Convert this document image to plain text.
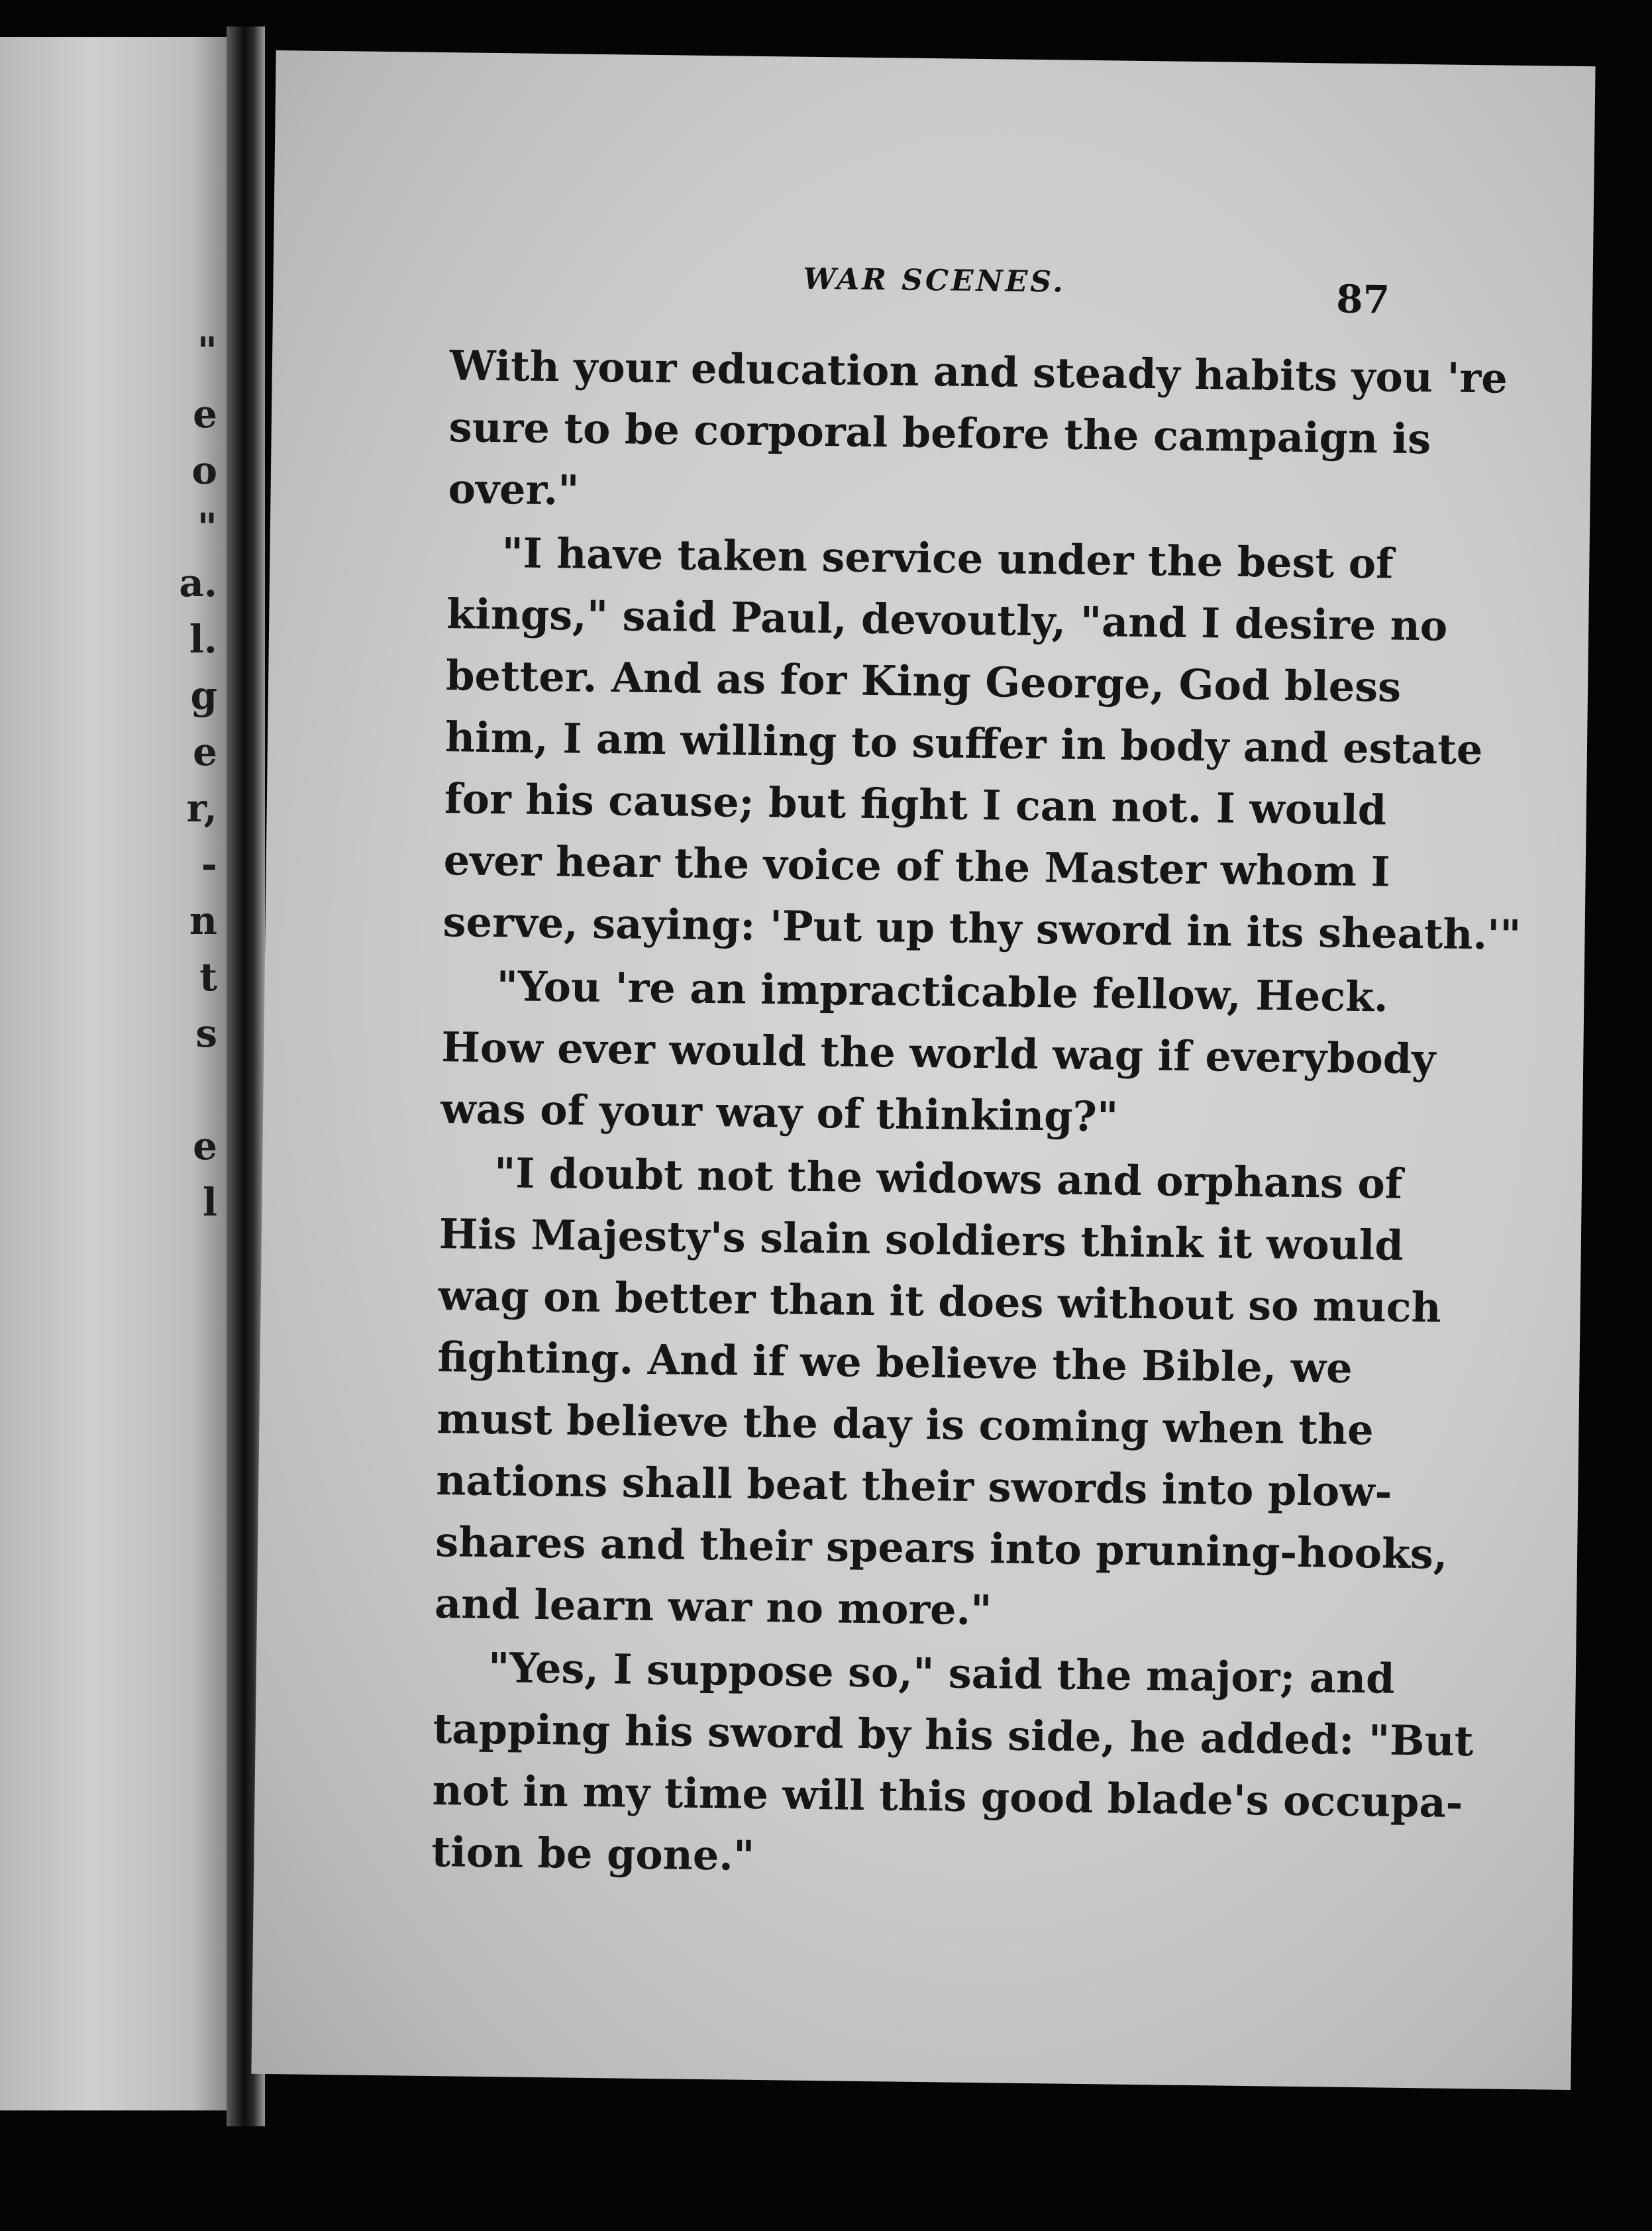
"
e
o
"
a.
l.
g
e
r,
-
n
t
s
e
l
WAR SCENES.	87
With your education and steady habits you 're
sure to be corporal before the campaign is
over."
"I have taken service under the best of
kings," said Paul, devoutly, "and I desire no
better. And as for King George, God bless
him, I am willing to suffer in body and estate
for his cause; but fight I can not. I would
ever hear the voice of the Master whom I
serve, saying: 'Put up thy sword in its sheath.'"
"You 're an impracticable fellow, Heck.
How ever would the world wag if everybody
was of your way of thinking?"
"I doubt not the widows and orphans of
His Majesty's slain soldiers think it would
wag on better than it does without so much
fighting. And if we believe the Bible, we
must believe the day is coming when the
nations shall beat their swords into plow-
shares and their spears into pruning-hooks,
and learn war no more."
"Yes, I suppose so," said the major; and
tapping his sword by his side, he added: "But
not in my time will this good blade's occupa-
tion be gone."
